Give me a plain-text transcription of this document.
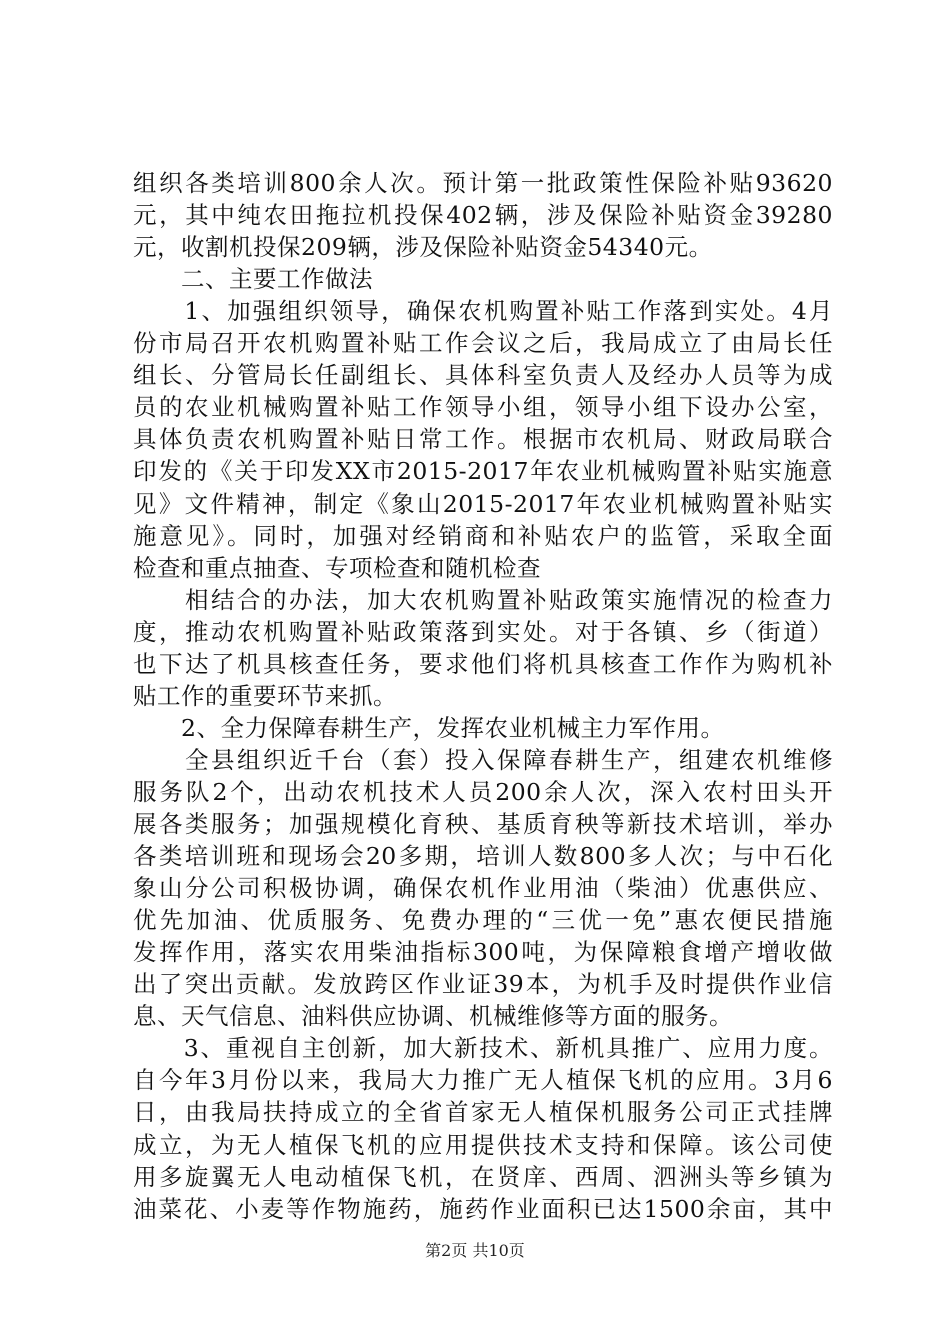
组织各类培训800余人次。预计第一批政策性保险补贴93620
元，其中纯农田拖拉机投保402辆，涉及保险补贴资金39280
元，收割机投保209辆，涉及保险补贴资金54340元。
　　二、主要工作做法
　　1、加强组织领导，确保农机购置补贴工作落到实处。4月
份市局召开农机购置补贴工作会议之后，我局成立了由局长任
组长、分管局长任副组长、具体科室负责人及经办人员等为成
员的农业机械购置补贴工作领导小组，领导小组下设办公室，
具体负责农机购置补贴日常工作。根据市农机局、财政局联合
印发的《关于印发XX市2015-2017年农业机械购置补贴实施意
见》文件精神，制定《象山2015-2017年农业机械购置补贴实
施意见》。同时，加强对经销商和补贴农户的监管，采取全面
检查和重点抽查、专项检查和随机检查
　　相结合的办法，加大农机购置补贴政策实施情况的检查力
度，推动农机购置补贴政策落到实处。对于各镇、乡（街道）
也下达了机具核查任务，要求他们将机具核查工作作为购机补
贴工作的重要环节来抓。
　　2、全力保障春耕生产，发挥农业机械主力军作用。
　　全县组织近千台（套）投入保障春耕生产，组建农机维修
服务队2个，出动农机技术人员200余人次，深入农村田头开
展各类服务；加强规模化育秧、基质育秧等新技术培训，举办
各类培训班和现场会20多期，培训人数800多人次；与中石化
象山分公司积极协调，确保农机作业用油（柴油）优惠供应、
优先加油、优质服务、免费办理的“三优一免”惠农便民措施
发挥作用，落实农用柴油指标300吨，为保障粮食增产增收做
出了突出贡献。发放跨区作业证39本，为机手及时提供作业信
息、天气信息、油料供应协调、机械维修等方面的服务。
　　3、重视自主创新，加大新技术、新机具推广、应用力度。
自今年3月份以来，我局大力推广无人植保飞机的应用。3月6
日，由我局扶持成立的全省首家无人植保机服务公司正式挂牌
成立，为无人植保飞机的应用提供技术支持和保障。该公司使
用多旋翼无人电动植保飞机，在贤庠、西周、泗洲头等乡镇为
油菜花、小麦等作物施药，施药作业面积已达1500余亩，其中
第2页 共10页
